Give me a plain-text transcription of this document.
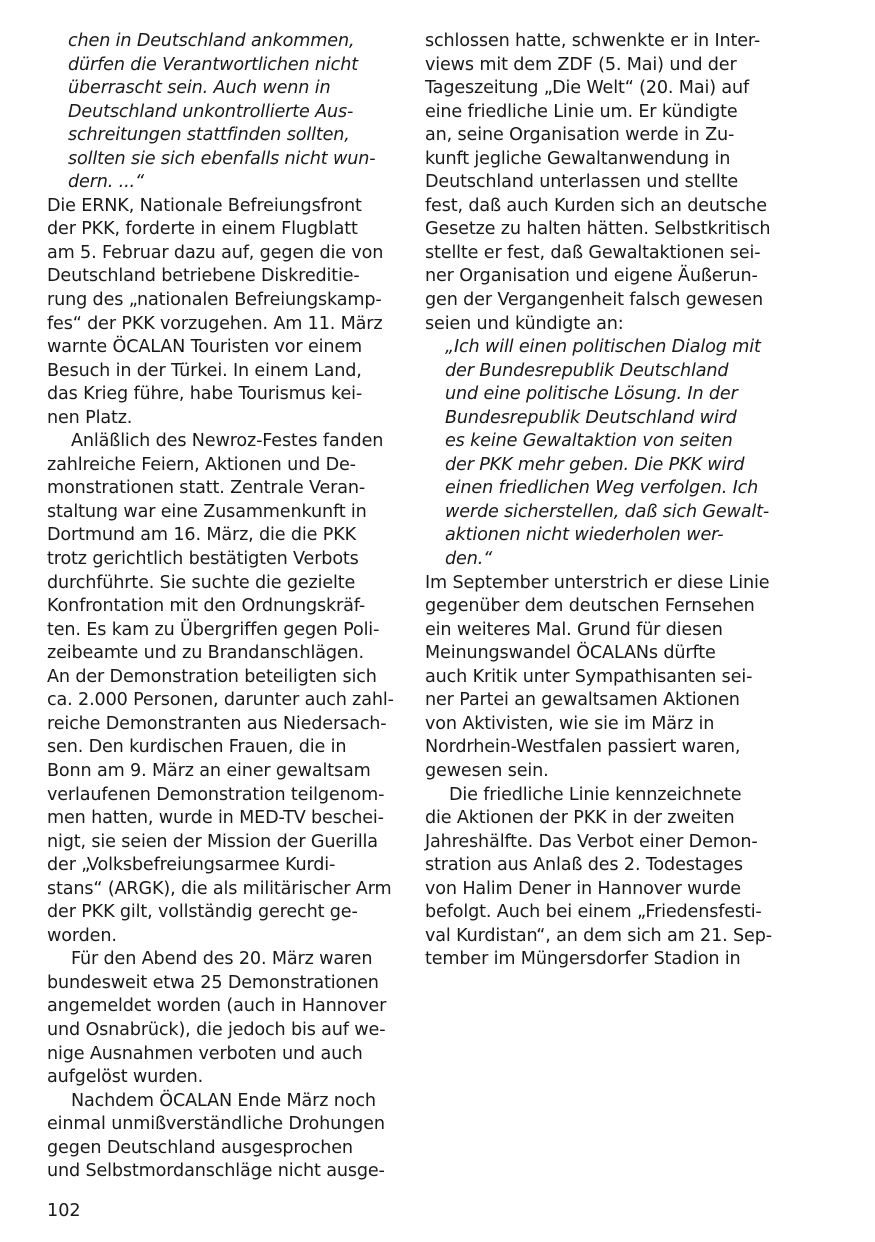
chen in Deutschland ankommen,
dürfen die Verantwortlichen nicht
überrascht sein. Auch wenn in
Deutschland unkontrollierte Aus-
schreitungen stattfinden sollten,
sollten sie sich ebenfalls nicht wun-
dern. ...“
Die ERNK, Nationale Befreiungsfront
der PKK, forderte in einem Flugblatt
am 5. Februar dazu auf, gegen die von
Deutschland betriebene Diskreditie-
rung des „nationalen Befreiungskamp-
fes“ der PKK vorzugehen. Am 11. März
warnte ÖCALAN Touristen vor einem
Besuch in der Türkei. In einem Land,
das Krieg führe, habe Tourismus kei-
nen Platz.
Anläßlich des Newroz-Festes fanden
zahlreiche Feiern, Aktionen und De-
monstrationen statt. Zentrale Veran-
staltung war eine Zusammenkunft in
Dortmund am 16. März, die die PKK
trotz gerichtlich bestätigten Verbots
durchführte. Sie suchte die gezielte
Konfrontation mit den Ordnungskräf-
ten. Es kam zu Übergriffen gegen Poli-
zeibeamte und zu Brandanschlägen.
An der Demonstration beteiligten sich
ca. 2.000 Personen, darunter auch zahl-
reiche Demonstranten aus Niedersach-
sen. Den kurdischen Frauen, die in
Bonn am 9. März an einer gewaltsam
verlaufenen Demonstration teilgenom-
men hatten, wurde in MED-TV beschei-
nigt, sie seien der Mission der Guerilla
der „Volksbefreiungsarmee Kurdi-
stans“ (ARGK), die als militärischer Arm
der PKK gilt, vollständig gerecht ge-
worden.
Für den Abend des 20. März waren
bundesweit etwa 25 Demonstrationen
angemeldet worden (auch in Hannover
und Osnabrück), die jedoch bis auf we-
nige Ausnahmen verboten und auch
aufgelöst wurden.
Nachdem ÖCALAN Ende März noch
einmal unmißverständliche Drohungen
gegen Deutschland ausgesprochen
und Selbstmordanschläge nicht ausge-
schlossen hatte, schwenkte er in Inter-
views mit dem ZDF (5. Mai) und der
Tageszeitung „Die Welt“ (20. Mai) auf
eine friedliche Linie um. Er kündigte
an, seine Organisation werde in Zu-
kunft jegliche Gewaltanwendung in
Deutschland unterlassen und stellte
fest, daß auch Kurden sich an deutsche
Gesetze zu halten hätten. Selbstkritisch
stellte er fest, daß Gewaltaktionen sei-
ner Organisation und eigene Äußerun-
gen der Vergangenheit falsch gewesen
seien und kündigte an:
„Ich will einen politischen Dialog mit
der Bundesrepublik Deutschland
und eine politische Lösung. In der
Bundesrepublik Deutschland wird
es keine Gewaltaktion von seiten
der PKK mehr geben. Die PKK wird
einen friedlichen Weg verfolgen. Ich
werde sicherstellen, daß sich Gewalt-
aktionen nicht wiederholen wer-
den.“
Im September unterstrich er diese Linie
gegenüber dem deutschen Fernsehen
ein weiteres Mal. Grund für diesen
Meinungswandel ÖCALANs dürfte
auch Kritik unter Sympathisanten sei-
ner Partei an gewaltsamen Aktionen
von Aktivisten, wie sie im März in
Nordrhein-Westfalen passiert waren,
gewesen sein.
Die friedliche Linie kennzeichnete
die Aktionen der PKK in der zweiten
Jahreshälfte. Das Verbot einer Demon-
stration aus Anlaß des 2. Todestages
von Halim Dener in Hannover wurde
befolgt. Auch bei einem „Friedensfesti-
val Kurdistan“, an dem sich am 21. Sep-
tember im Müngersdorfer Stadion in
102
